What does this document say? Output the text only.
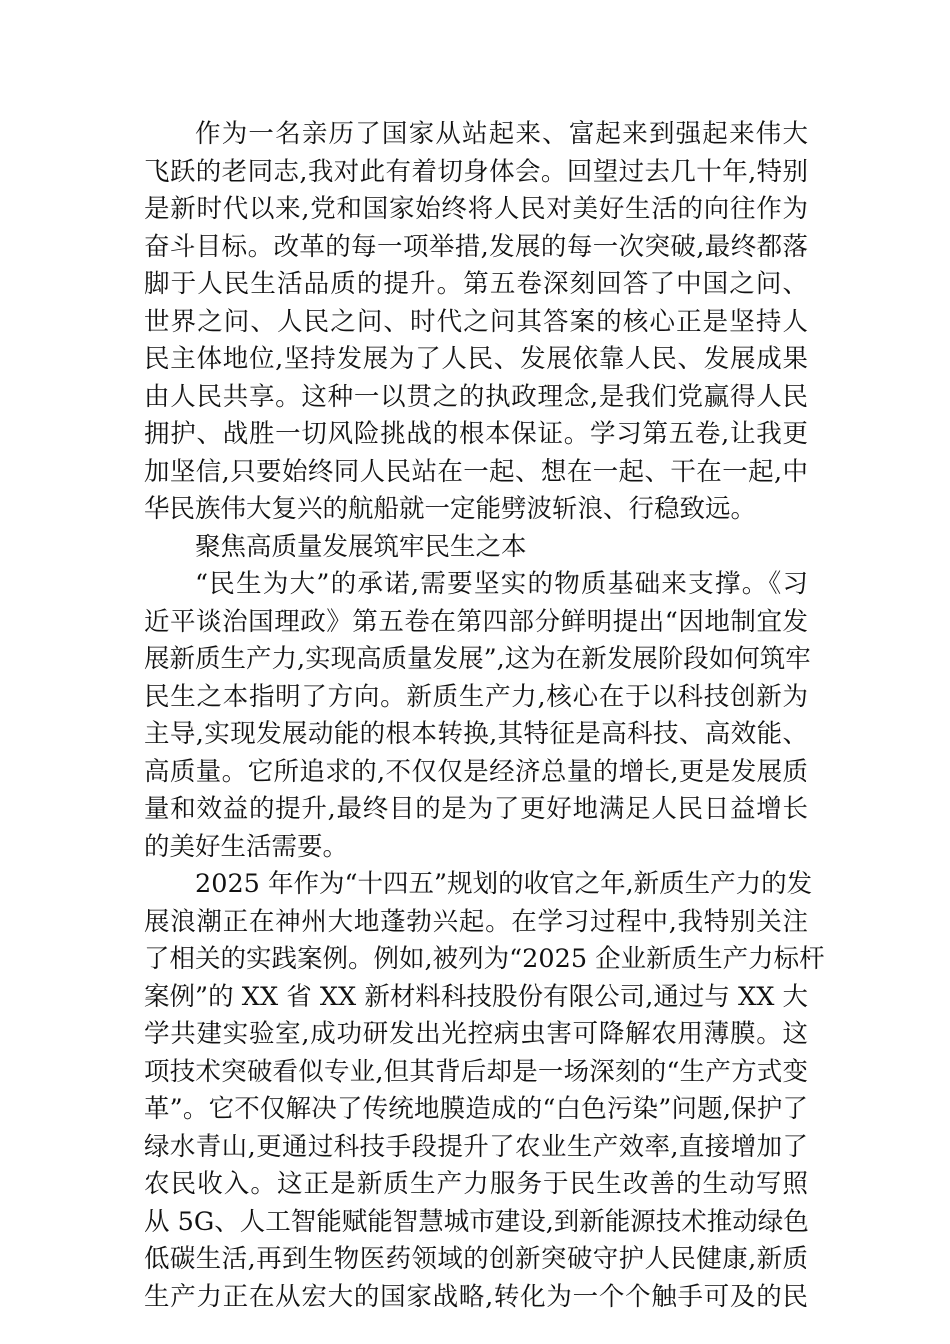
作为一名亲历了国家从站起来、富起来到强起来伟大
飞跃的老同志,我对此有着切身体会。回望过去几十年,特别
是新时代以来,党和国家始终将人民对美好生活的向往作为
奋斗目标。改革的每一项举措,发展的每一次突破,最终都落
脚于人民生活品质的提升。第五卷深刻回答了中国之问、
世界之问、人民之问、时代之问其答案的核心正是坚持人
民主体地位,坚持发展为了人民、发展依靠人民、发展成果
由人民共享。这种一以贯之的执政理念,是我们党赢得人民
拥护、战胜一切风险挑战的根本保证。学习第五卷,让我更
加坚信,只要始终同人民站在一起、想在一起、干在一起,中
华民族伟大复兴的航船就一定能劈波斩浪、行稳致远。
聚焦高质量发展筑牢民生之本
“民生为大”的承诺,需要坚实的物质基础来支撑。《习
近平谈治国理政》第五卷在第四部分鲜明提出“因地制宜发
展新质生产力,实现高质量发展”,这为在新发展阶段如何筑牢
民生之本指明了方向。新质生产力,核心在于以科技创新为
主导,实现发展动能的根本转换,其特征是高科技、高效能、
高质量。它所追求的,不仅仅是经济总量的增长,更是发展质
量和效益的提升,最终目的是为了更好地满足人民日益增长
的美好生活需要。
2025 年作为“十四五”规划的收官之年,新质生产力的发
展浪潮正在神州大地蓬勃兴起。在学习过程中,我特别关注
了相关的实践案例。例如,被列为“2025 企业新质生产力标杆
案例”的 XX 省 XX 新材料科技股份有限公司,通过与 XX 大
学共建实验室,成功研发出光控病虫害可降解农用薄膜。这
项技术突破看似专业,但其背后却是一场深刻的“生产方式变
革”。它不仅解决了传统地膜造成的“白色污染”问题,保护了
绿水青山,更通过科技手段提升了农业生产效率,直接增加了
农民收入。这正是新质生产力服务于民生改善的生动写照
从 5G、人工智能赋能智慧城市建设,到新能源技术推动绿色
低碳生活,再到生物医药领域的创新突破守护人民健康,新质
生产力正在从宏大的国家战略,转化为一个个触手可及的民
